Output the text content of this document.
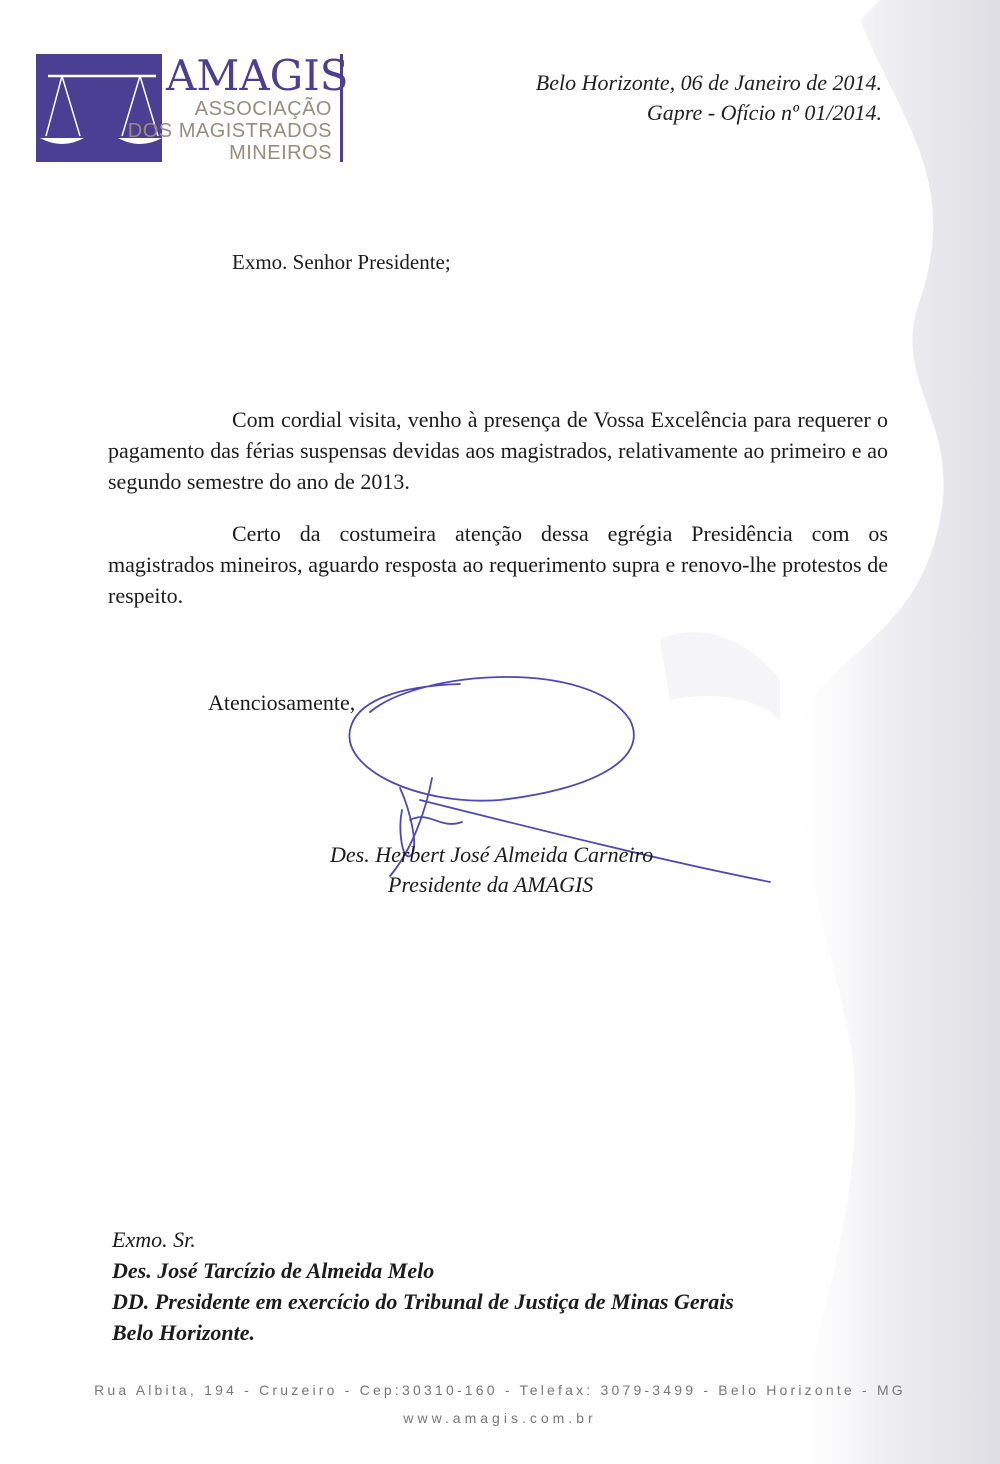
AMAGIS
ASSOCIAÇÃO
DOS MAGISTRADOS
MINEIROS
Belo Horizonte, 06 de Janeiro de 2014.
Gapre - Ofício nº 01/2014.
Exmo. Senhor Presidente;
Com cordial visita, venho à presença de Vossa Excelência para requerer o pagamento das férias suspensas devidas aos magistrados, relativamente ao primeiro e ao segundo semestre do ano de 2013.
Certo da costumeira atenção dessa egrégia Presidência com os magistrados mineiros, aguardo resposta ao requerimento supra e renovo-lhe protestos de respeito.
Atenciosamente,
Des. Herbert José Almeida Carneiro
Presidente da AMAGIS
Exmo. Sr.
Des. José Tarcízio de Almeida Melo
DD. Presidente em exercício do Tribunal de Justiça de Minas Gerais
Belo Horizonte.
Rua Albita, 194 - Cruzeiro - Cep:30310-160 - Telefax: 3079-3499 - Belo Horizonte - MG
www.amagis.com.br
